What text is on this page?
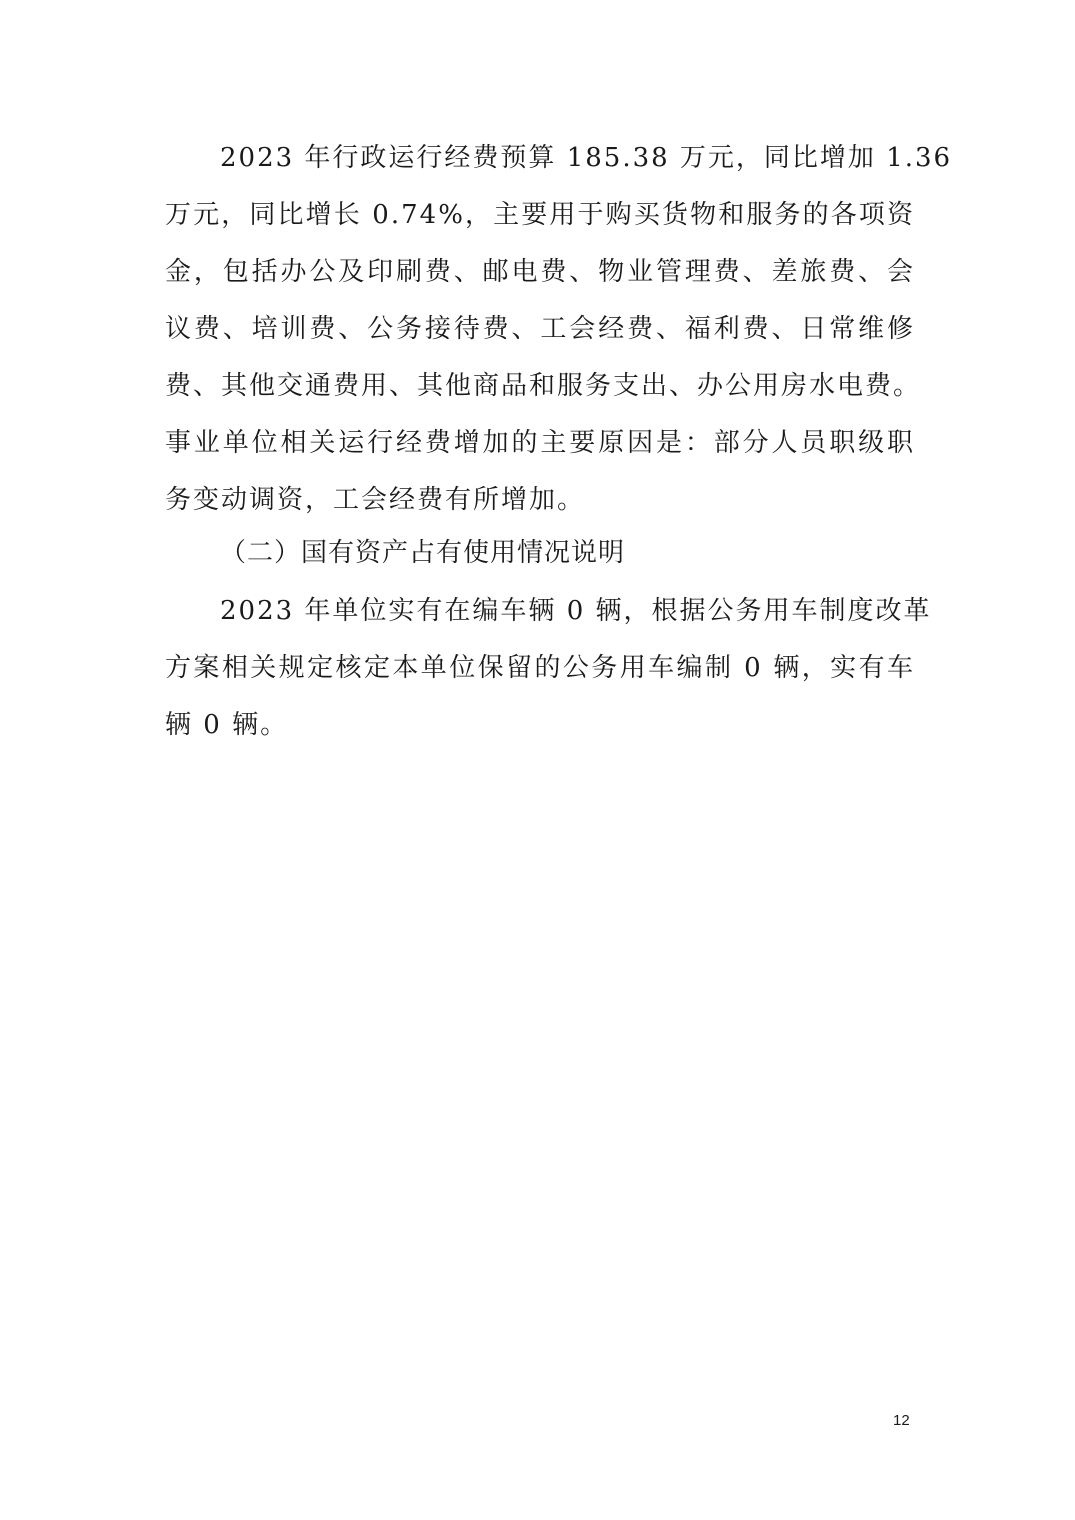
2023 年行政运行经费预算 185.38 万元，同比增加 1.36
万元，同比增长 0.74%，主要用于购买货物和服务的各项资
金，包括办公及印刷费、邮电费、物业管理费、差旅费、会
议费、培训费、公务接待费、工会经费、福利费、日常维修
费、其他交通费用、其他商品和服务支出、办公用房水电费。
事业单位相关运行经费增加的主要原因是：部分人员职级职
务变动调资，工会经费有所增加。
（二）国有资产占有使用情况说明
2023 年单位实有在编车辆 0 辆，根据公务用车制度改革
方案相关规定核定本单位保留的公务用车编制 0 辆，实有车
辆 0 辆。
12
